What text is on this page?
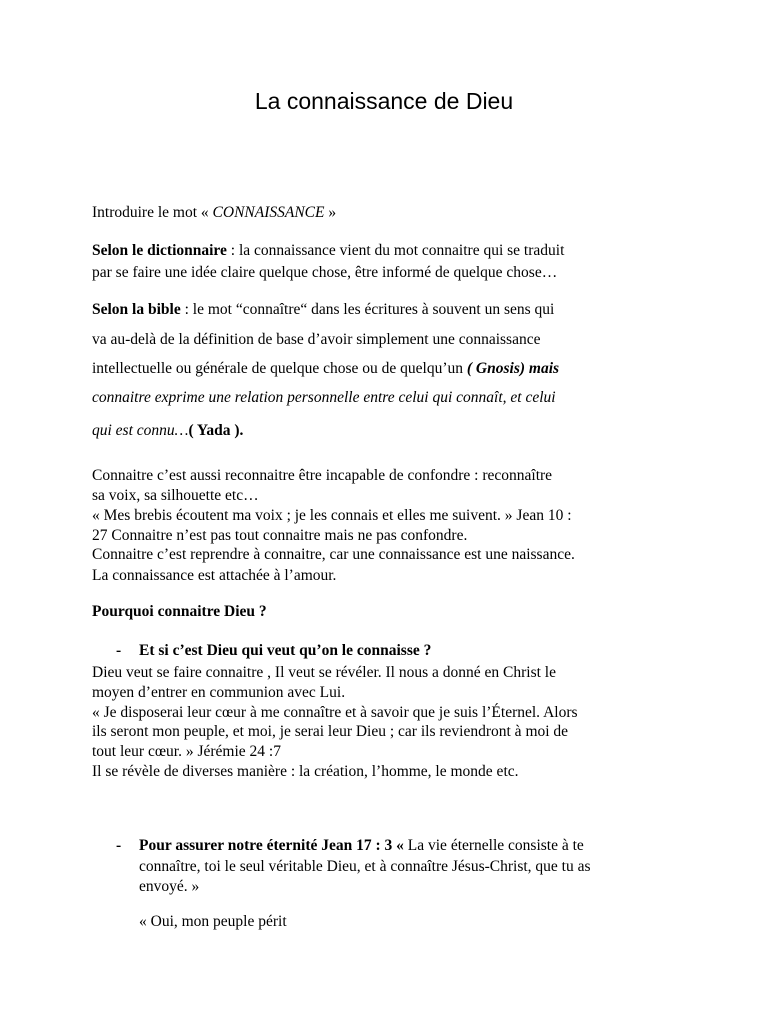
La connaissance de Dieu
Introduire le mot « CONNAISSANCE »
Selon le dictionnaire : la connaissance vient du mot connaitre qui se traduit
par se faire une idée claire quelque chose, être informé de quelque chose…
Selon la bible : le mot “connaître“ dans les écritures à souvent un sens qui
va au-delà de la définition de base d’avoir simplement une connaissance
intellectuelle ou générale de quelque chose ou de quelqu’un ( Gnosis) mais
connaitre exprime une relation personnelle entre celui qui connaît, et celui
qui est connu…( Yada ).
Connaitre c’est aussi reconnaitre être incapable de confondre : reconnaître
sa voix, sa silhouette etc…
« Mes brebis écoutent ma voix ; je les connais et elles me suivent. » Jean 10 :
27 Connaitre n’est pas tout connaitre mais ne pas confondre.
Connaitre c’est reprendre à connaitre, car une connaissance est une naissance.
La connaissance est attachée à l’amour.
Pourquoi connaitre Dieu ?
- Et si c’est Dieu qui veut qu’on le connaisse ?
Dieu veut se faire connaitre , Il veut se révéler. Il nous a donné en Christ le
moyen d’entrer en communion avec Lui.
« Je disposerai leur cœur à me connaître et à savoir que je suis l’Éternel. Alors
ils seront mon peuple, et moi, je serai leur Dieu ; car ils reviendront à moi de
tout leur cœur. » Jérémie 24 :7
Il se révèle de diverses manière : la création, l’homme, le monde etc.
- Pour assurer notre éternité Jean 17 : 3 « La vie éternelle consiste à te
connaître, toi le seul véritable Dieu, et à connaître Jésus-Christ, que tu as
envoyé. »
« Oui, mon peuple périt
